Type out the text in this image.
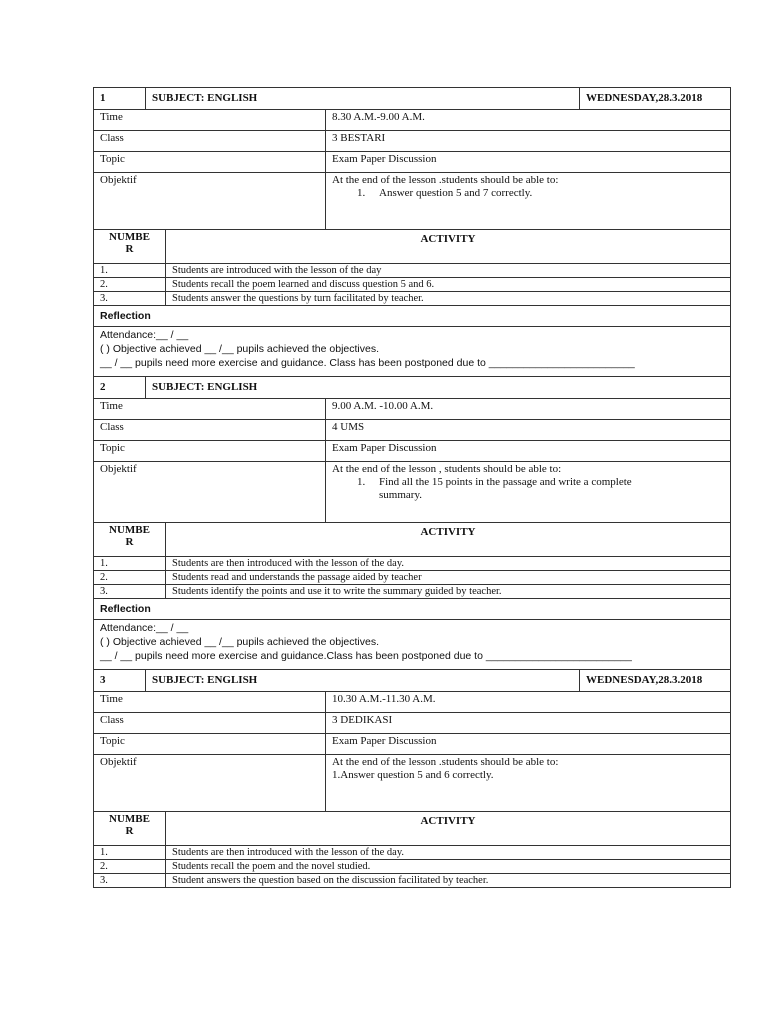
1	SUBJECT: ENGLISH		WEDNESDAY,28.3.2018
Time		8.30 A.M.-9.00 A.M.	
Class		3 BESTARI	
Topic		Exam Paper Discussion	
Objektif		At the end of the lesson .students should be able to:
1. Answer question 5 and 7 correctly.	
NUMBE
R	ACTIVITY
1.	Students are introduced with the lesson of the day
2.	Students recall the poem learned and discuss question 5 and 6.
3.	Students answer the questions by turn facilitated by teacher.
Reflection	

Attendance:__ / __
( ) Objective achieved __ /__ pupils achieved the objectives.
__ / __ pupils need more exercise and guidance. Class has been postponed due to _________________________	
2	SUBJECT: ENGLISH	
Time		9.00 A.M. -10.00 A.M.
Class		4 UMS
Topic		Exam Paper Discussion
Objektif		At the end of the lesson , students should be able to:
1. Find all the 15 points in the passage and write a complete summary.
NUMBE
R	ACTIVITY
1.	Students are then introduced with the lesson of the day.
2.	Students read and understands the passage aided by teacher
3.	Students identify the points and use it to write the summary guided by teacher.
Reflection	

Attendance:__ / __
( ) Objective achieved __ /__ pupils achieved the objectives.
__ / __ pupils need more exercise and guidance.Class has been postponed due to _________________________	
3	SUBJECT: ENGLISH		WEDNESDAY,28.3.2018
Time		10.30 A.M.-11.30 A.M.	
Class		3 DEDIKASI	
Topic		Exam Paper Discussion	
Objektif		At the end of the lesson .students should be able to:
1.Answer question 5 and 6 correctly.	
NUMBE
R	ACTIVITY
1.	Students are then introduced with the lesson of the day.
2.	Students recall the poem and the novel studied.
3.	Student answers the question based on the discussion facilitated by teacher.
